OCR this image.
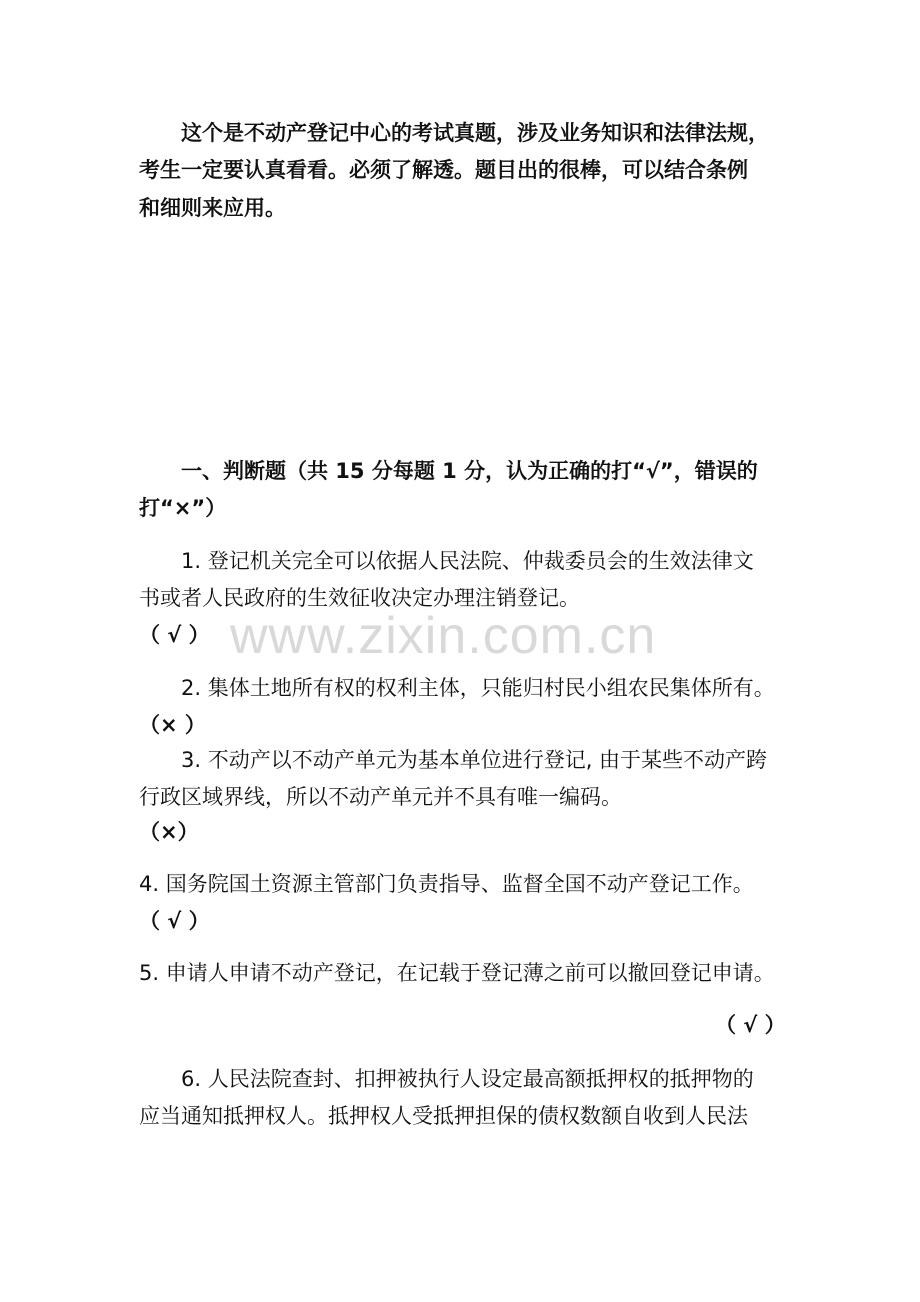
这个是不动产登记中心的考试真题，涉及业务知识和法律法规，
考生一定要认真看看。必须了解透。题目出的很棒，可以结合条例
和细则来应用。
一、判断题（共 15 分每题 1 分，认为正确的打“√”，错误的
打“×”）
www.zixin.com.cn
1. 登记机关完全可以依据人民法院、仲裁委员会的生效法律文
书或者人民政府的生效征收决定办理注销登记。
（ √ ）
2. 集体土地所有权的权利主体，只能归村民小组农民集体所有。
（× ）
3. 不动产以不动产单元为基本单位进行登记, 由于某些不动产跨
行政区域界线，所以不动产单元并不具有唯一编码。
（×）
4. 国务院国土资源主管部门负责指导、监督全国不动产登记工作。
（ √ ）
5. 申请人申请不动产登记，在记载于登记薄之前可以撤回登记申请。
（ √ ）
6. 人民法院查封、扣押被执行人设定最高额抵押权的抵押物的
应当通知抵押权人。抵押权人受抵押担保的债权数额自收到人民法
